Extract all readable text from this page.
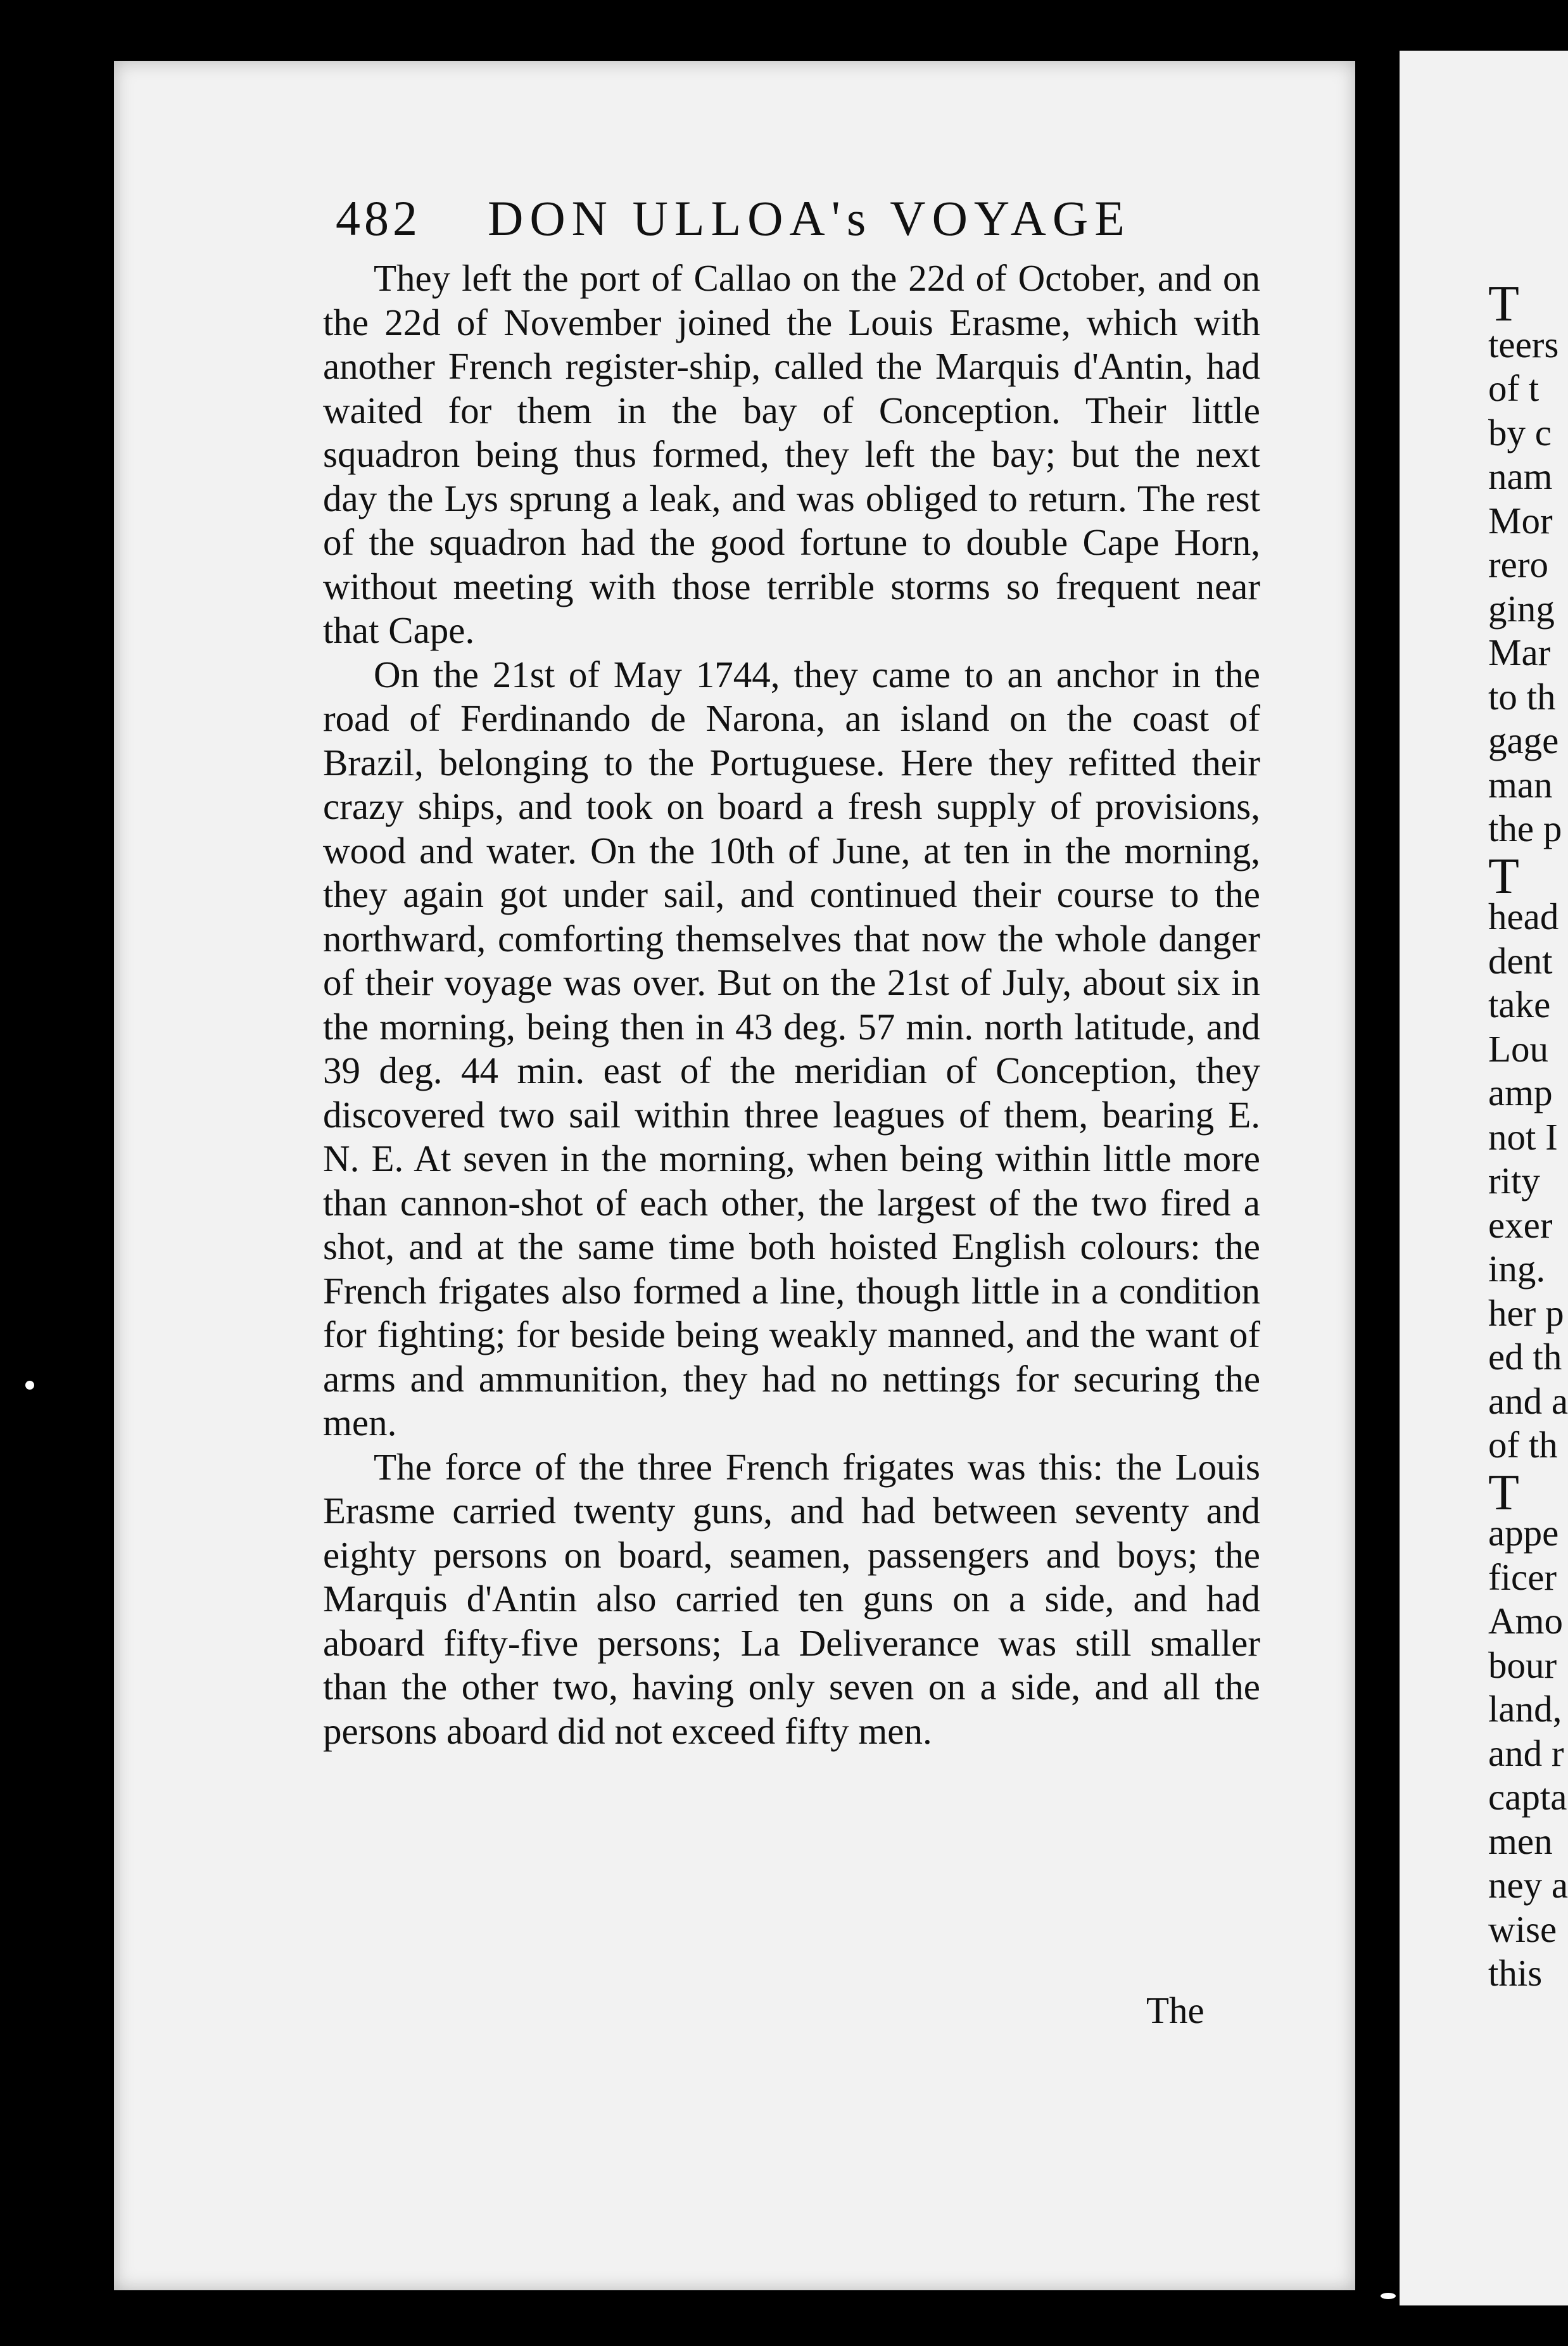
482 DON ULLOA's VOYAGE

They left the port of Callao on the 22d of October, and on the 22d of November joined the Louis Erasme, which with another French register-ship, called the Marquis d'Antin, had waited for them in the bay of Conception. Their little squadron being thus formed, they left the bay; but the next day the Lys sprung a leak, and was obliged to return. The rest of the squadron had the good fortune to double Cape Horn, without meeting with those terrible storms so frequent near that Cape.

On the 21st of May 1744, they came to an anchor in the road of Ferdinando de Narona, an island on the coast of Brazil, belonging to the Portuguese. Here they refitted their crazy ships, and took on board a fresh supply of provisions, wood and water. On the 10th of June, at ten in the morning, they again got under sail, and continued their course to the northward, comforting themselves that now the whole danger of their voyage was over. But on the 21st of July, about six in the morning, being then in 43 deg. 57 min. north latitude, and 39 deg. 44 min. east of the meridian of Conception, they discovered two sail within three leagues of them, bearing E. N. E. At seven in the morning, when being within little more than cannon-shot of each other, the largest of the two fired a shot, and at the same time both hoisted English colours: the French frigates also formed a line, though little in a condition for fighting; for beside being weakly manned, and the want of arms and ammunition, they had no nettings for securing the men.

The force of the three French frigates was this: the Louis Erasme carried twenty guns, and had between seventy and eighty persons on board, seamen, passengers and boys; the Marquis d'Antin also carried ten guns on a side, and had aboard fifty-five persons; La Deliverance was still smaller than the other two, having only seven on a side, and all the persons aboard did not exceed fifty men.

The
T
teers
of t
by c
nam
Mor
rero
ging
Mar
to th
gage
man
the p
T
head
dent
take
Lou
amp
not I
rity
exer
ing.
her p
ed th
and a
of th
T
appe
ficer
Amo
bour
land,
and r
capta
men
ney a
wise
this
